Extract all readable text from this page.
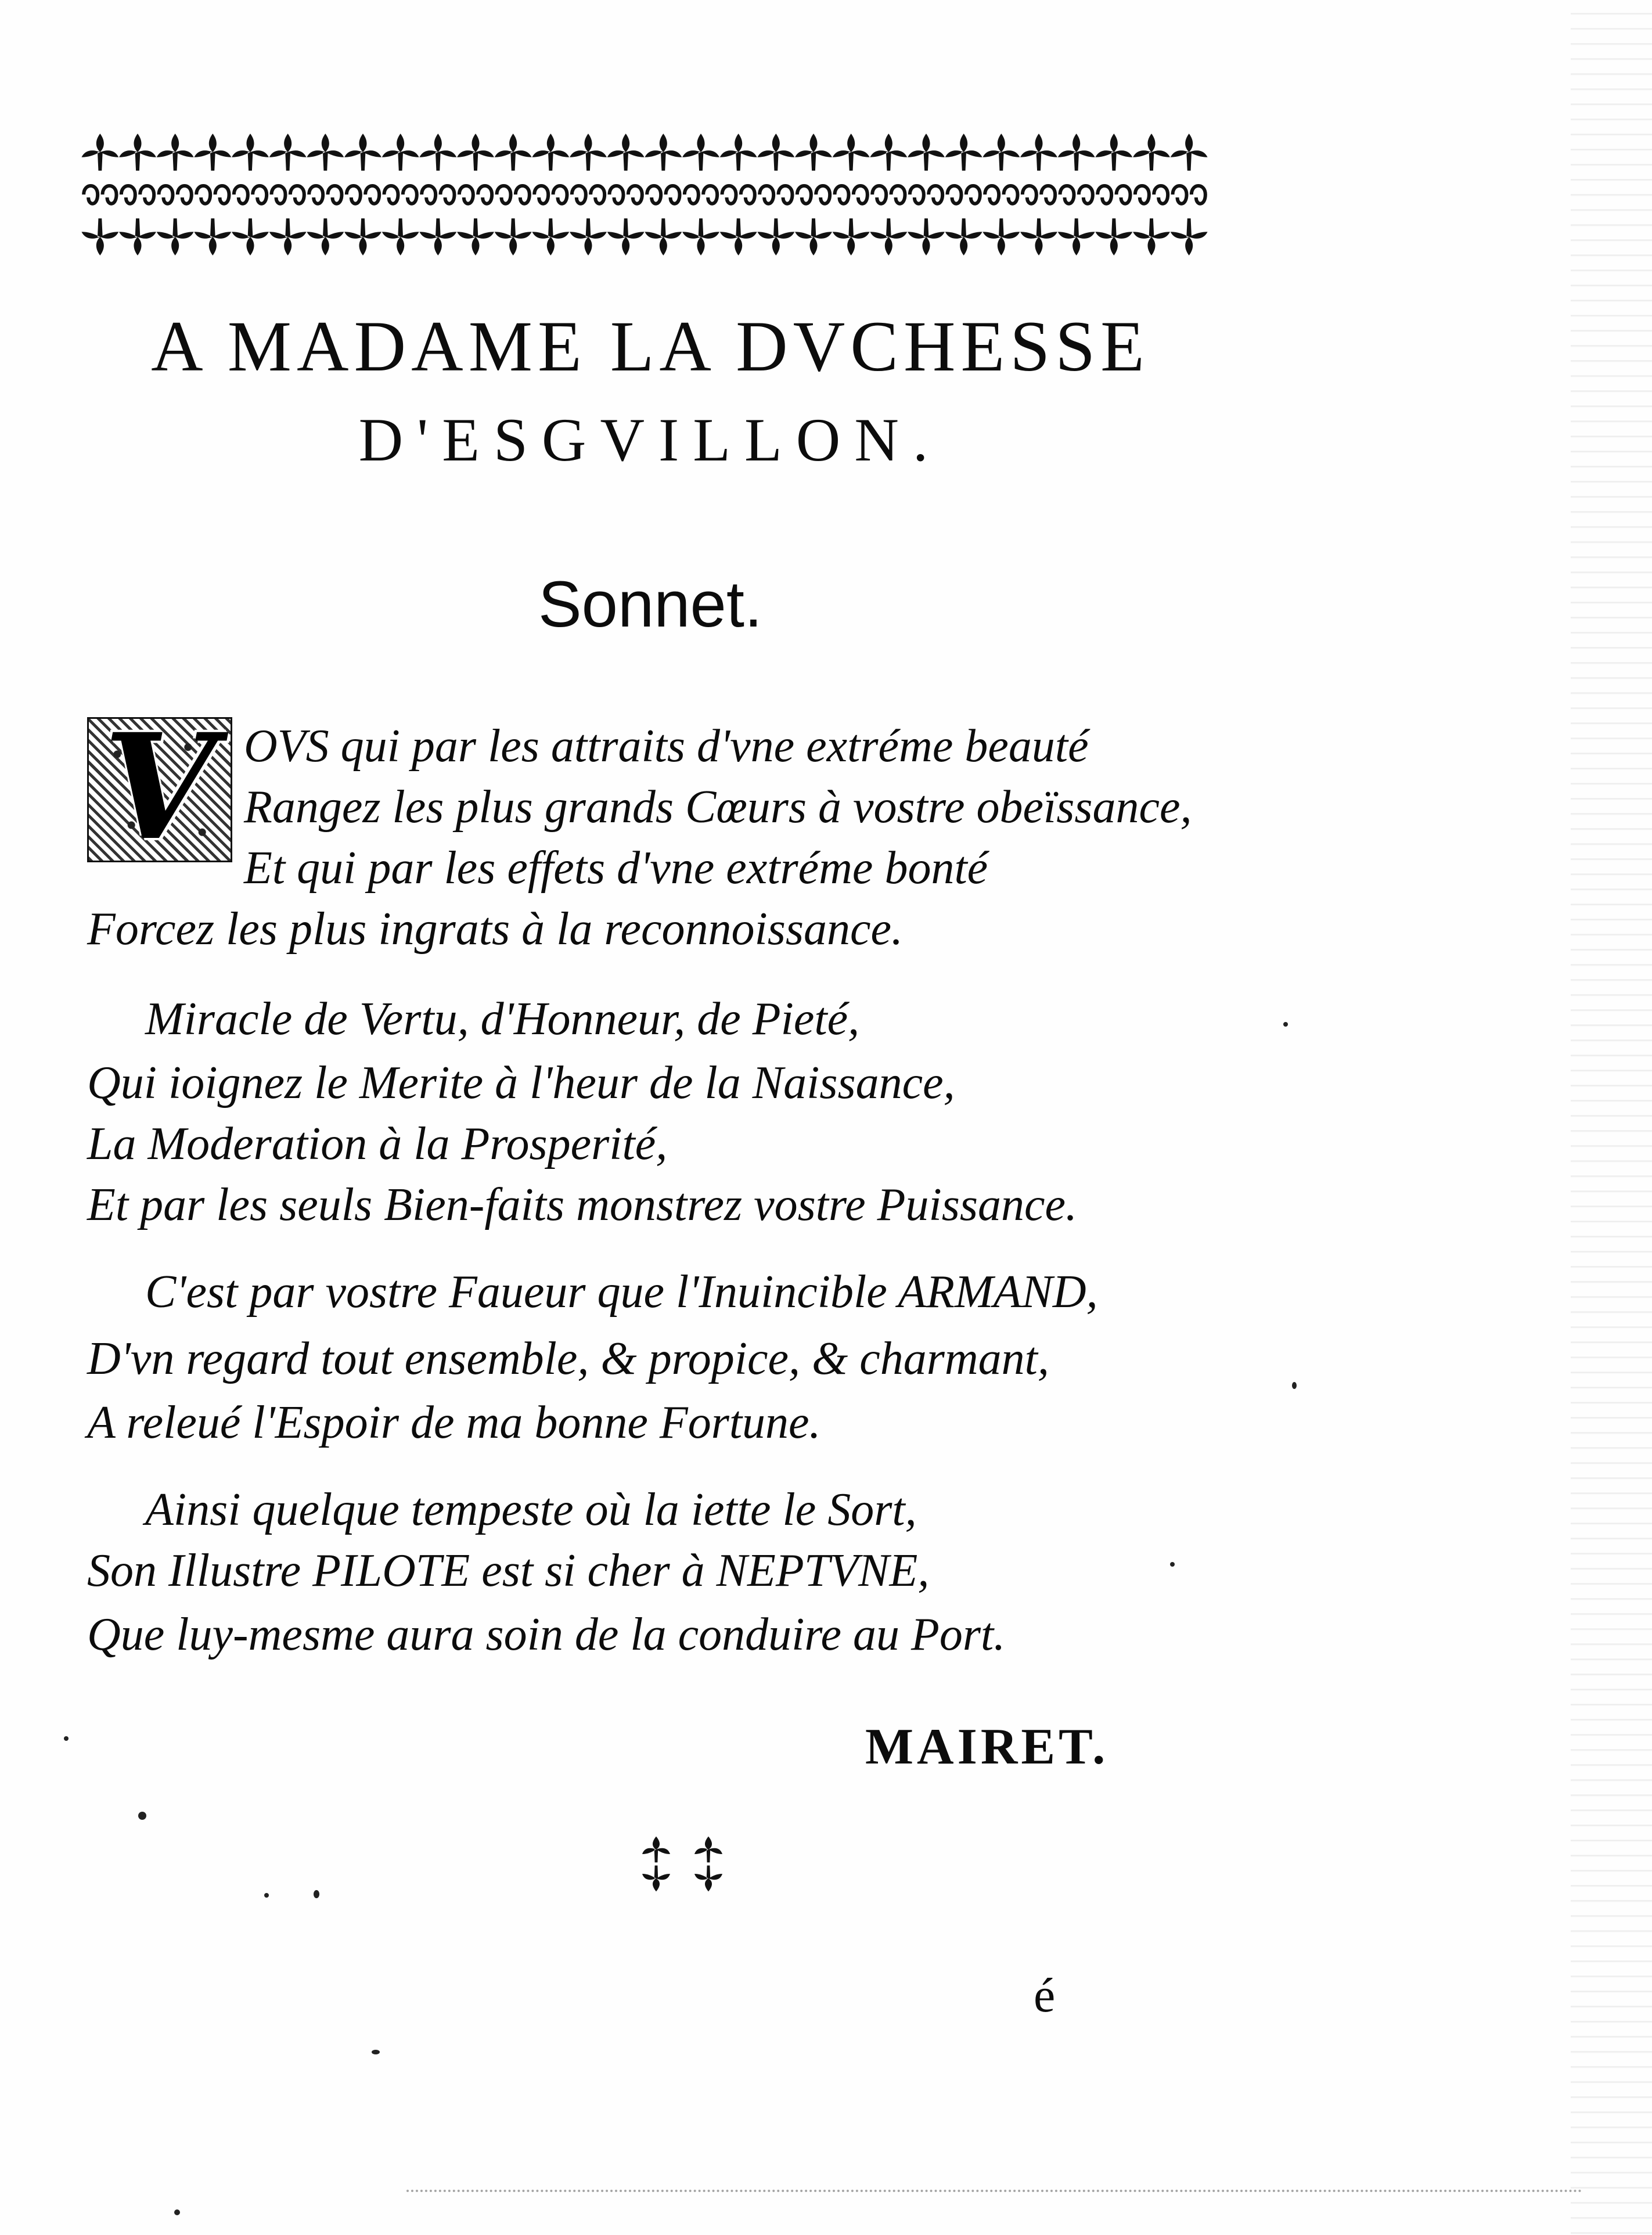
A MADAME LA DVCHESSE
D'ESGVILLON.
Sonnet.
V OVS qui par les attraits d'vne extréme beauté
Rangez les plus grands Cœurs à vostre obeïssance,
Et qui par les effets d'vne extréme bonté
Forcez les plus ingrats à la reconnoissance.
Miracle de Vertu, d'Honneur, de Pieté,
Qui ioignez le Merite à l'heur de la Naissance,
La Moderation à la Prosperité,
Et par les seuls Bien-faits monstrez vostre Puissance.
C'est par vostre Faueur que l'Inuincible ARMAND,
D'vn regard tout ensemble, & propice, & charmant,
A releué l'Espoir de ma bonne Fortune.
Ainsi quelque tempeste où la iette le Sort,
Son Illustre PILOTE est si cher à NEPTVNE,
Que luy-mesme aura soin de la conduire au Port.
MAIRET.
é
